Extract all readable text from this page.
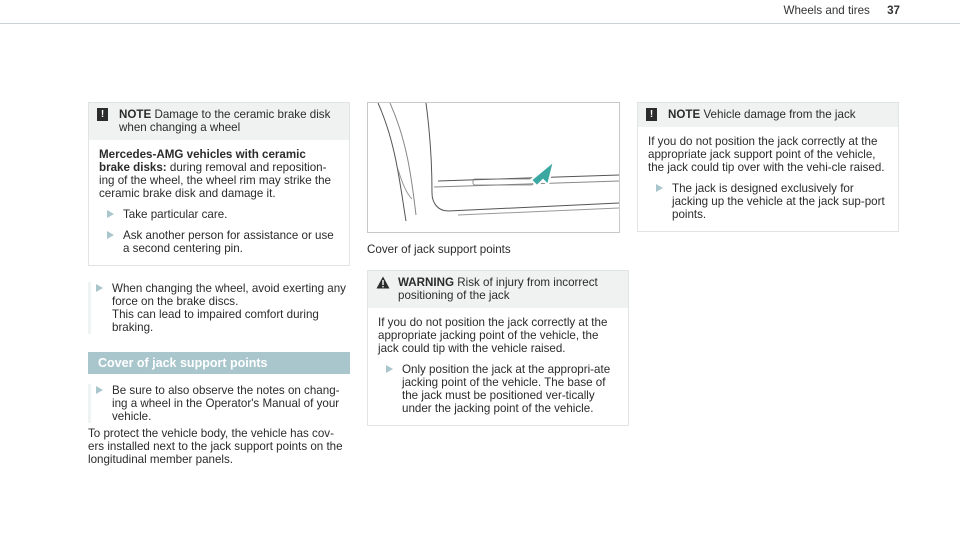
Wheels and tires 37
!	NOTE Damage to the ceramic brake disk when changing a wheel

Mercedes-AMG vehicles with ceramic brake disks: during removal and reposition-ing of the wheel, the wheel rim may strike the ceramic brake disk and damage it.

Take particular care.
Ask another person for assistance or use a second centering pin.

When changing the wheel, avoid exerting any force on the brake discs.

This can lead to impaired comfort during braking.

Cover of jack support points

Be sure to also observe the notes on chang-ing a wheel in the Operator's Manual of your vehicle.

To protect the vehicle body, the vehicle has cov-ers installed next to the jack support points on the longitudinal member panels.

Cover of jack support points

WARNING Risk of injury from incorrect positioning of the jack

If you do not position the jack correctly at the appropriate jacking point of the vehicle, the jack could tip with the vehicle raised.

Only position the jack at the appropri-ate jacking point of the vehicle. The base of the jack must be positioned ver-tically under the jacking point of the vehicle.
!	NOTE Vehicle damage from the jack

If you do not position the jack correctly at the appropriate jack support point of the vehicle, the jack could tip over with the vehi-cle raised.

The jack is designed exclusively for jacking up the vehicle at the jack sup-port points.
